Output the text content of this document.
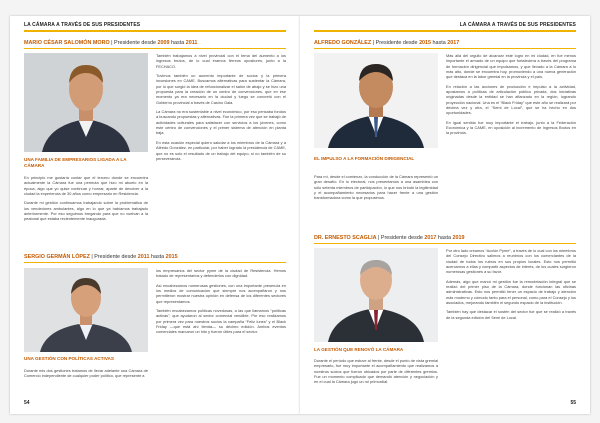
LA CÁMARA A TRAVÉS DE SUS PRESIDENTES
MARIO CÉSAR SALOMÓN MORO | Presidente desde 2009 hasta 2011
UNA FAMILIA DE EMPRESARIOS LIGADA A LA CÁMARA

En principio me gustaría contar que el tercero donde se encuentra actualmente la Cámara fue una permuta que hizo mi abuelo en la época, algo que yo quise continuar y honrar, aparte de devolver a la ciudad la experiencia de 30 años como empresario en Residencia.

Durante mi gestión continuamos trabajando sobre la problemática de los vendedores ambulantes, algo en lo que ya habíamos trabajado anteriormente. Por eso seguimos bregando para que no vuelvan a la peatonal que estaba recientemente inaugurada.

También trabajamos a nivel provincial con el tema del aumento a los ingresos brutos, de lo cual éramos férreos opositores, junto a la FECHACO.

Tuvimos también un aumento importante de socios y la primera incursiones en CAME. Buscamos alternativas para sustentar la Cámara, por lo que surgió la idea de refuncionalizar el salón de abajo y se hizo una propuesta para la creación de un centro de convenciones, que en ese momento ya era necesario en la ciudad y luego se concretó con el Gobierno provincial a través de Casino Gala.

La Cámara no era sustentable a nivel económico, por eso pensaba fondos a buscando propuestas y alternativas. Fue la primera vez que se trabajó de actividades culturales para satisfacer con servicios a los jóvenes, como este centro de convenciones y el primer sistema de atención en planta baja.

En esta ocasión especial quiero saludar a los miembros de la Cámara y a Alfredo González, en particular, por haber logrado la presidencia de CAME, que no es solo el resultado de un trabajo del equipo, si no también de su perseverancia.

SERGIO GERMÁN LÓPEZ | Presidente desde 2011 hasta 2015
UNA GESTIÓN CON POLÍTICAS ACTIVAS

Durante mis dos gestiones tratamos de llevar adelante una Cámara de Comercio independiente de cualquier poder político, que represente a

los empresarios del sector pyme de la ciudad de Resistencia. Hemos tratado de representarlos y defenderlos con dignidad.

Así encabezamos numerosas gestiones, con una importante presencia en los medios de comunicación que siempre nos acompañaron y nos permitieron mostrar nuestra opinión en defensa de los diferentes sectores que representamos.

También encabezamos políticas novedosas, a las que llamamos “políticas activas”, que ayudaron al sector comercial vendible. Por eso realizamos por primera vez para nuestros socios la campaña “Feliz lunes” y el Black Friday —que está ahí tienda— su décimo edición. Ambos eventos comerciales marcaron un hito y fueron útiles para el sector.

54
LA CÁMARA A TRAVÉS DE SUS PRESIDENTES
ALFREDO GONZÁLEZ | Presidente desde 2015 hasta 2017
EL IMPULSO A LA FORMACIÓN DIRIGENCIAL

Para mí, desde el comienzo, la conducción de la Cámara representó un gran desafío. En lo electoral, nos presentamos a una asamblea con sólo setenta miembros de participación, lo que nos brindó la legitimidad y el acompañamiento necesarios para hacer frente a una gestión transformadora como la que propusimos.

Más allá del orgullo de alcanzar este logro en mi ciudad, en fue menos importante el armado de un equipo que fortaleciera a través del programa de formación dirigencial que impulsamos, y que llevado a la Cámara a lo más alto, donde se encuentra hoy, promoviendo a una nueva generación que destaca en la labor gremial en la provincia y el país.

En relación a las acciones de producción e impulso a la actividad, apostamos a políticas de articulación público privada, dos iniciativas originadas desde la entidad se han afianzado en la región, logrando proyección nacional. Una es el “Black Friday” que este año se realizará por décima vez y otra, el “Semi de Local”, que se ha hecho en dos oportunidades.

En igual sentido fue muy importante el trabajo, junto a la Federación Económica y la CAME, en oposición al incremento de Ingresos Brutos en la provincia.

DR. ERNESTO SCAGLIA | Presidente desde 2017 hasta 2019
LA GESTIÓN QUE RENOVÓ LA CÁMARA

Durante el período que estuve al frente, desde el punto de vista gremial empresario, fue muy importante el acompañamiento que realizamos a nuestros socios que fueron ubicados por parte de diferentes gremios. Fue un momento complicado que demandó atención y negociación y en el cual la Cámara jugó un rol primordial.

Por otro lado creamos “Acción Pyme”, a través de lo cual con los miembros del Consejo Directivo salimos a reunirnos con los comerciantes de la ciudad de todos los rubros en sus propios locales. Esto nos permitió acercarnos a ellas y compartir aspectos de interés, de los cuales surgieron numerosas gestiones a su favor.

Además, algo que marcó mi gestión fue la remodelación integral que se realizó del primer piso de la Cámara, donde funcionan las oficinas administrativas. Esto nos permitió tener un espacio de trabajo y atención más moderno y cómodo tanto para el personal, como para el Consejo y los asociados, mejorando también el segundo espacio de la institución.

También hay que destacar el sostén del sector fue que se realizó a través de la segunda edición del Semi de Local.

55
